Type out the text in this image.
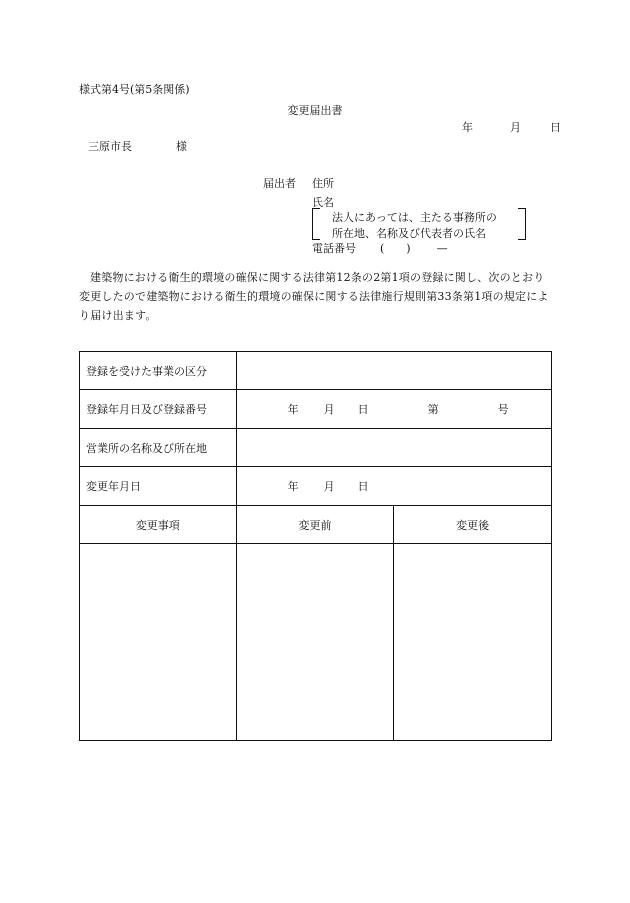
様式第4号(第5条関係)
変更届出書
年	月	日
三原市長	様
届出者 住所
氏名
法人にあっては、主たる事務所の
所在地、名称及び代表者の氏名
電話番号 (　　) —
建築物における衛生的環境の確保に関する法律第12条の2第1項の登録に関し、次のとおり変更したので建築物における衛生的環境の確保に関する法律施行規則第33条第1項の規定により届け出ます。
登録を受けた事業の区分		
登録年月日及び登録番号	年 月 日 第 号	
営業所の名称及び所在地		
変更年月日	年 月 日	
変更事項	変更前	変更後
